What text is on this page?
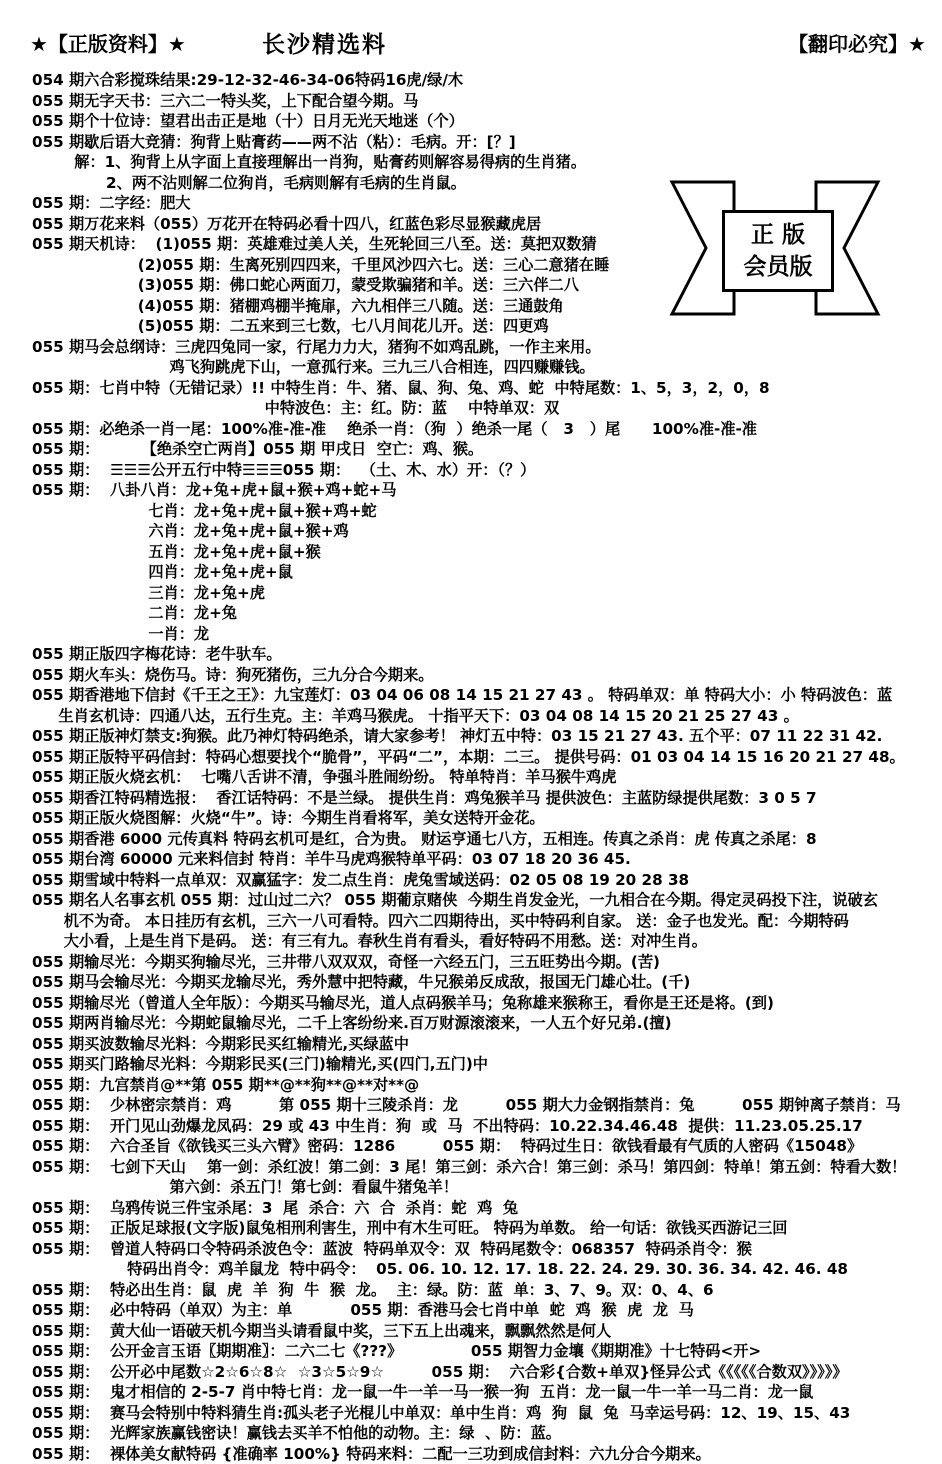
★【正版资料】★	长沙精选料	【翻印必究】★
054 期六合彩搅珠结果:29-12-32-46-34-06特码16虎/绿/木
055 期无字天书：三六二一特头奖，上下配合望今期。马
055 期个十位诗：望君出击正是地（十）日月无光天地迷（个）
055 期歇后语大竞猜：狗背上贴膏药——两不沾（粘）：毛病。开：[？]
解：1、狗背上从字面上直接理解出一肖狗，贴膏药则解容易得病的生肖猪。
2、两不沾则解二位狗肖，毛病则解有毛病的生肖鼠。
055 期：二字经：肥大
055 期万花来料（055）万花开在特码必看十四八，红蓝色彩尽显猴藏虎居
055 期天机诗：  (1)055 期：英雄难过美人关，生死轮回三八至。送：莫把双数猜
(2)055 期：生离死别四四来，千里风沙四六七。送：三心二意猪在睡
(3)055 期：佛口蛇心两面刀，蒙受欺骗猪和羊。送：三六伴二八
(4)055 期：猪棚鸡棚半掩扉，六九相伴三八随。送：三通鼓角
(5)055 期：二五来到三七数，七八月间花儿开。送：四更鸡
055 期马会总纲诗：三虎四兔同一家，行尾力力大，猪狗不如鸡乱跳，一作主来用。
鸡飞狗跳虎下山，一意孤行来。三九三八合相连，四四赚赚钱。
055 期：七肖中特（无错记录）!! 中特生肖：牛、猪、鼠、狗、兔、鸡、蛇  中特尾数：1、5，3，2，0，8
中特波色：主：红。防：蓝    中特单双：双
055 期：必绝杀一肖一尾：100%准-准-准    绝杀一肖：（狗  ）绝杀一尾（   3   ）尾      100%准-准-准
055 期：        【绝杀空亡两肖】055 期 甲戌日  空亡：鸡、猴。
055 期：  ☰☰☰公开五行中特☰☰☰055 期：  （土、木、水）开：（？）
055 期：  八卦八肖：龙+兔+虎+鼠+猴+鸡+蛇+马
七肖：龙+兔+虎+鼠+猴+鸡+蛇
六肖：龙+兔+虎+鼠+猴+鸡
五肖：龙+兔+虎+鼠+猴
四肖：龙+兔+虎+鼠
三肖：龙+兔+虎
二肖：龙+兔
一肖：龙
055 期正版四字梅花诗：老牛驮车。
055 期火车头：烧伤马。诗：狗死猪伤，三九分合今期来。
055 期香港地下信封《千王之王》：九宝莲灯：03 04 06 08 14 15 21 27 43 。 特码单双：单 特码大小：小 特码波色：蓝
生肖玄机诗：四通八达，五行生克。主：羊鸡马猴虎。 十指平天下：03 04 08 14 15 20 21 25 27 43 。
055 期正版神灯禁支:狗猴。此乃神灯特码绝杀，请大家参考！ 神灯五中特：03 15 21 27 43. 五个平：07 11 22 31 42.
055 期正版特平码信封：特码心想要找个“脆骨”，平码“二”，本期：二三。 提供号码：01 03 04 14 15 16 20 21 27 48。
055 期正版火烧玄机：  七嘴八舌讲不清，争强斗胜闹纷纷。 特单特肖：羊马猴牛鸡虎
055 期香江特码精选报：  香江话特码：不是兰绿。 提供生肖：鸡兔猴羊马 提供波色：主蓝防绿提供尾数：3 0 5 7
055 期正版火烧图解：火烧“牛”。诗：今期生肖看将军，美女送特开金花。
055 期香港 6000 元传真料 特码玄机可是红，合为贵。 财运亨通七八方，五相连。传真之杀肖：虎 传真之杀尾：8
055 期台湾 60000 元来料信封 特肖：羊牛马虎鸡猴特单平码：03 07 18 20 36 45.
055 期雪域中特料一点单双：双赢猛字：发二点生肖：虎兔雪域送码：02 05 08 19 20 28 38
055 期名人名事玄机 055 期：过山过二六？ 055 期葡京赌侠  今期生肖发金光，一九相合在今期。得定灵码投下注，说破玄
机不为奇。 本日挂历有玄机，三六一八可看特。四六二四期待出，买中特码利自家。 送：金子也发光。配：今期特码
大小看，上是生肖下是码。 送：有三有九。春秋生肖有看头，看好特码不用愁。送：对冲生肖。
055 期输尽光：今期买狗输尽光，三井带八双双双，奇怪一六经五门，三五旺势出今期。(苦)
055 期马会输尽光：今期买龙输尽光，秀外慧中把特藏，牛兄猴弟反成敌，报国无门雄心壮。(千)
055 期输尽光（曾道人全年版）：今期买马输尽光，道人点码猴羊马；兔称雄来猴称王，看你是王还是将。(到)
055 期两肖输尽光：今期蛇鼠输尽光，二千上客纷纷来.百万财源滚滚来，一人五个好兄弟.(擅)
055 期买波数输尽光料：今期彩民买红输精光,买绿蓝中
055 期买门路输尽光料：今期彩民买(三门)输精光,买(四门,五门)中
055 期：九宫禁肖@**第 055 期**@**狗**@**对**@
055 期：  少林密宗禁肖：鸡         第 055 期十三陵杀肖：龙         055 期大力金钢指禁肖：兔         055 期钟离子禁肖：马
055 期：  开门见山劲爆龙凤码：29 或 43 中生肖：狗  或  马  不出特码：10.22.34.46.48  提供：11.23.05.25.17
055 期：  六合圣旨《欲钱买三头六臂》密码：1286         055 期：  特码过生日：欲钱看最有气质的人密码《15048》
055 期：  七剑下天山    第一剑：杀红波！第二剑：3 尾！第三剑：杀六合！第三剑：杀马！第四剑：特单！第五剑：特看大数！
第六剑：杀五门！第七剑：看鼠牛猪兔羊！
055 期：  乌鸦传说三件宝杀尾：3  尾  杀合：六  合  杀肖：蛇  鸡  兔
055 期：  正版足球报(文字版)鼠兔相刑利害生，刑中有木生可旺。 特码为单数。 给一句话：欲钱买西游记三回
055 期：  曾道人特码口令特码杀波色令：蓝波  特码单双令：双  特码尾数令：068357  特码杀肖令：猴
特码出肖令：鸡羊鼠龙  特中码令：  05. 06. 10. 12. 17. 18. 22. 24. 29. 30. 36. 34. 42. 46. 48
055 期：  特必出生肖：鼠  虎  羊  狗  牛  猴  龙。  主：绿。防：蓝  单：3、7、9。双：0、4、6
055 期：  必中特码（单双）为主：单           055 期：香港马会七肖中单  蛇  鸡  猴  虎  龙  马
055 期：  黄大仙一语破天机今期当头请看鼠中奖，三下五上出魂来，飘飘然然是何人
055 期：  公开金言玉语〖期期准〗：二六二七《???》             055 期智力金壤《期期准》十七特码<开>
055 期：  公开必中尾数☆2☆6☆8☆  ☆3☆5☆9☆         055 期：  六合彩{合数+单双}怪异公式《《《《《合数双》》》》》
055 期：  鬼才相信的 2-5-7 肖中特七肖：龙一鼠一牛一羊一马一猴一狗  五肖：龙一鼠一牛一羊一马二肖：龙一鼠
055 期：  赛马会特别中特料猜生肖:孤头老子光棍儿中单双：单中生肖：鸡  狗  鼠  兔  马幸运号码：12、19、15、43
055 期：  光辉家族赢钱密诀！赢钱去买羊不怕他的动物。主：绿  、防：蓝。
055 期：  裸体美女献特码 {准确率 100%} 特码来料：二配一三功到成信封料：六九分合今期来。
正 版
会员版
